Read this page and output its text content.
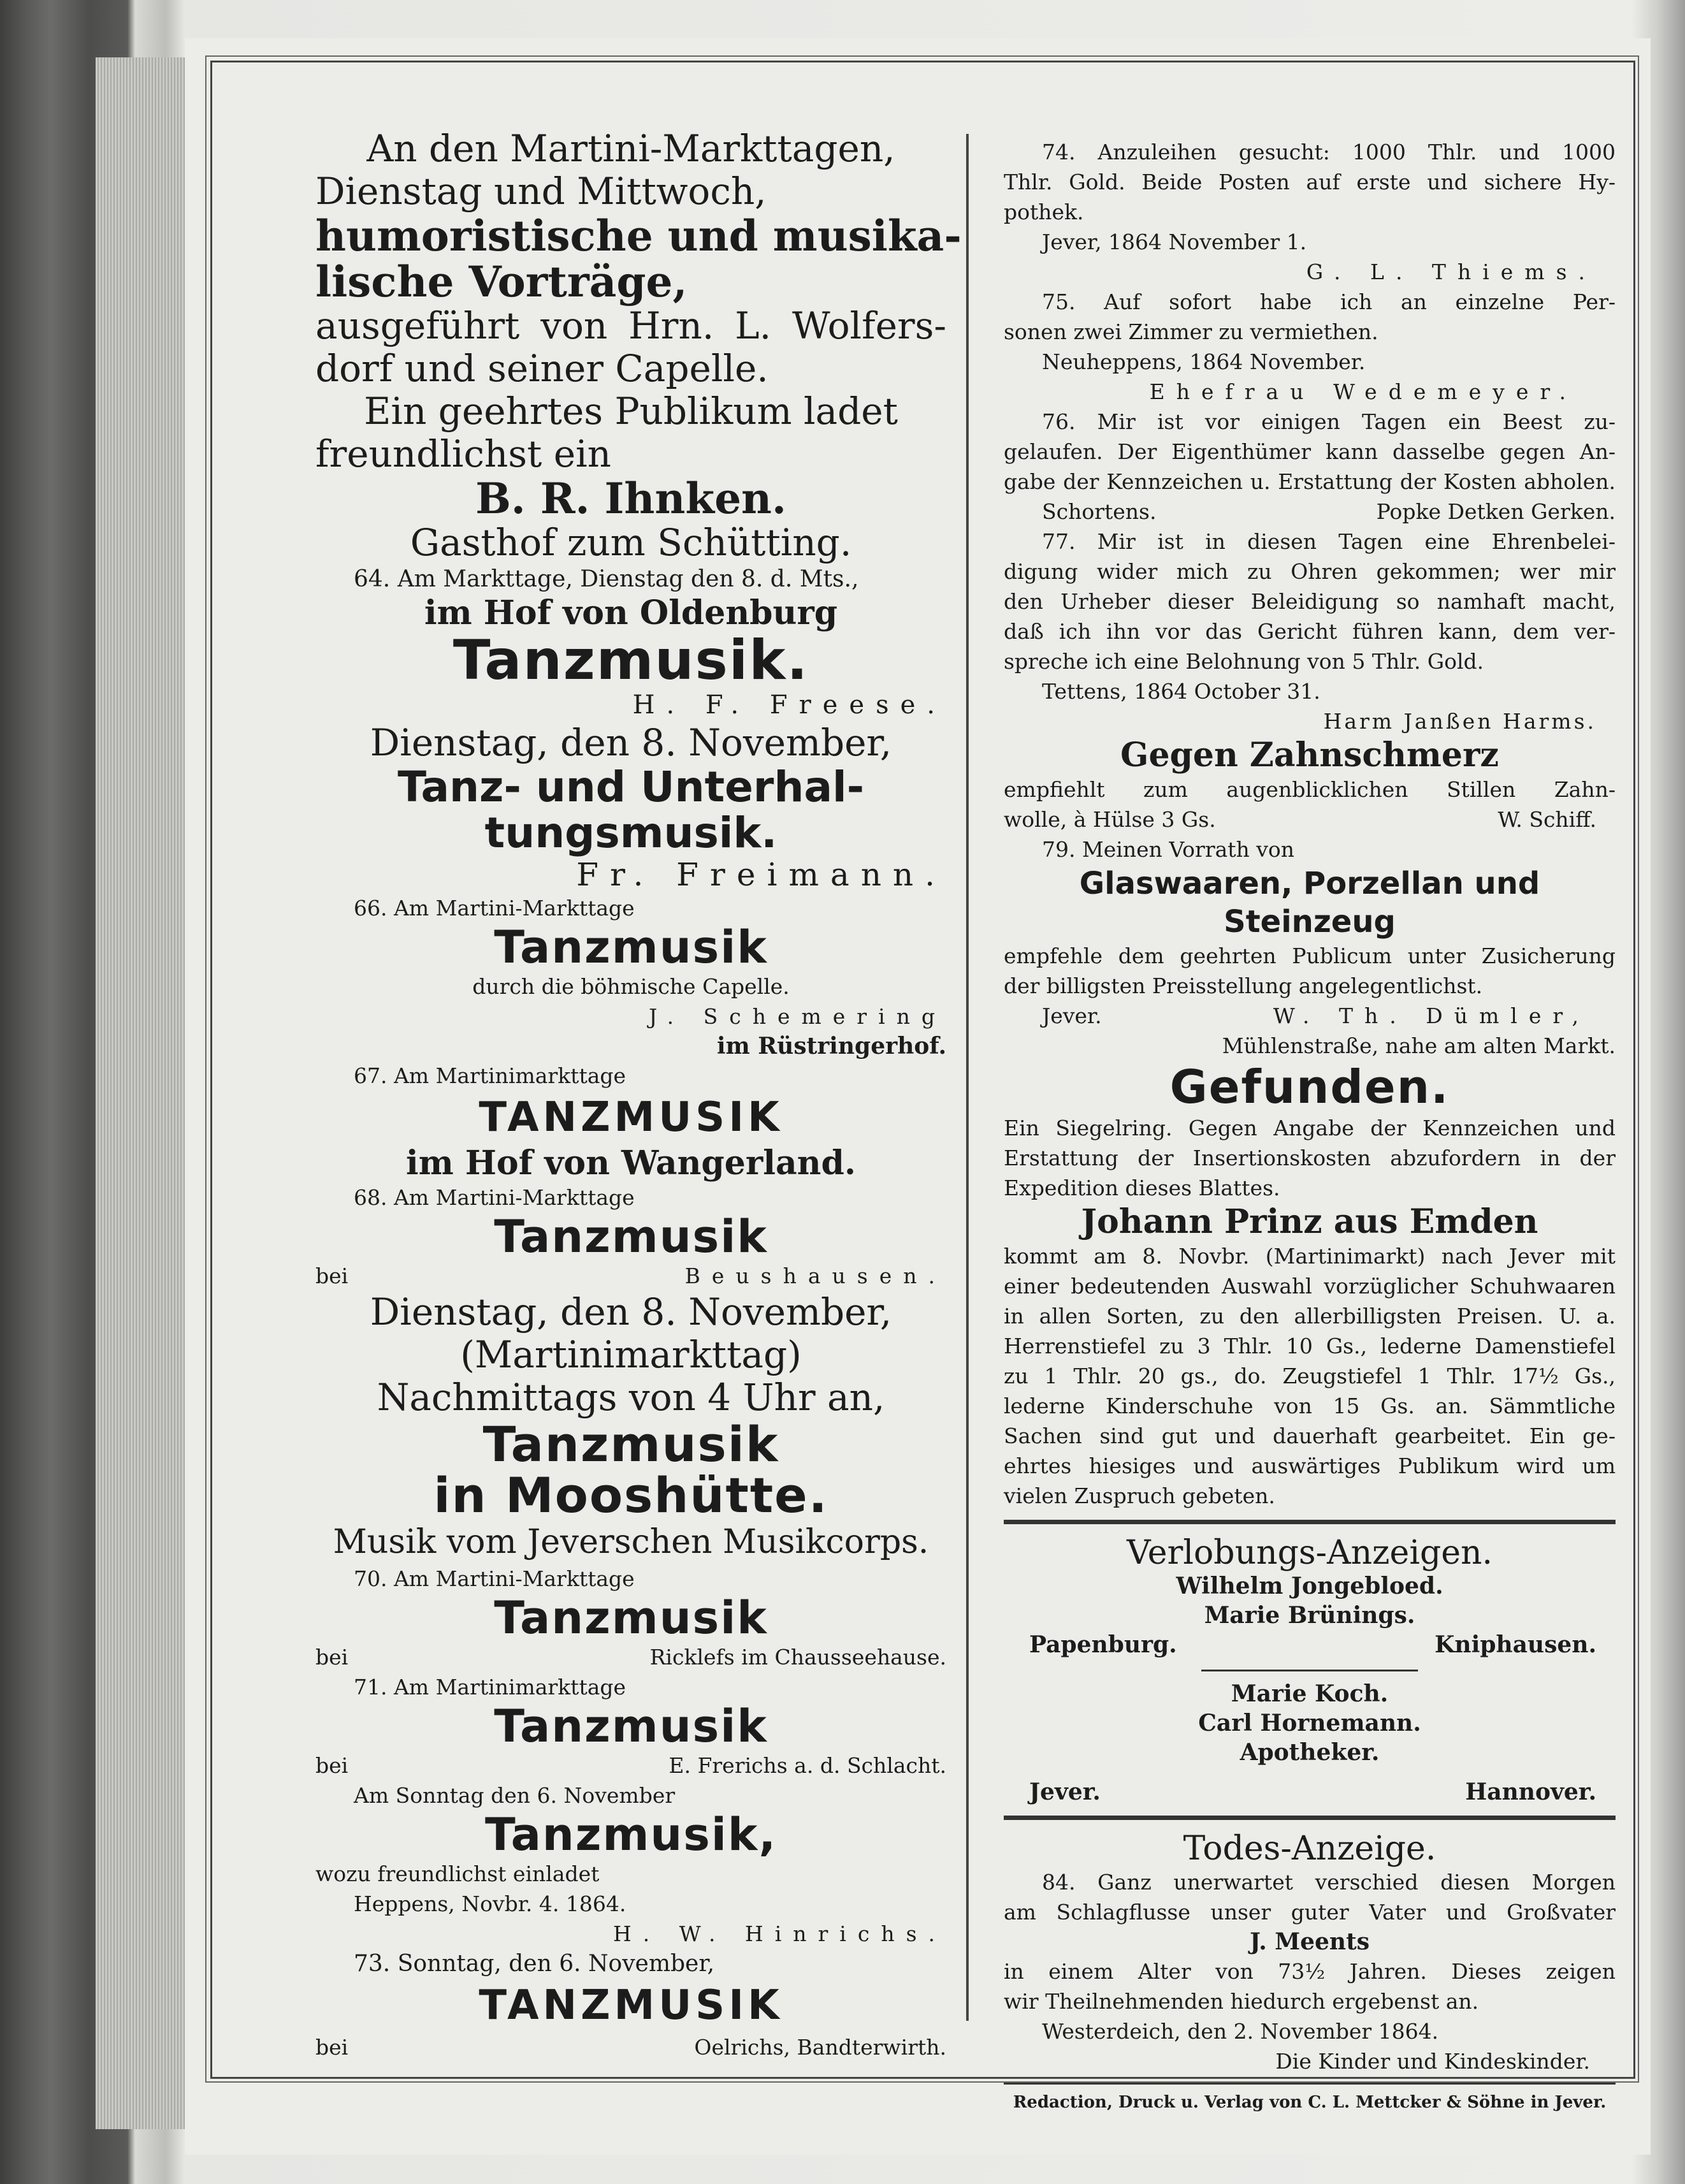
An den Martini-Markttagen,
Dienstag und Mittwoch,
humoristische und musika-
lische Vorträge,
ausgeführt von Hrn. L. Wolfers-
dorf und seiner Capelle.
Ein geehrtes Publikum ladet
freundlichst ein
B. R. Ihnken.
Gasthof zum Schütting.
64. Am Markttage, Dienstag den 8. d. Mts.,
im Hof von Oldenburg
Tanzmusik.
H. F. Freese.
Dienstag, den 8. November,
Tanz- und Unterhal-
tungsmusik.
Fr. Freimann.
66. Am Martini-Markttage
Tanzmusik
durch die böhmische Capelle.
J. Schemering
im Rüstringerhof.
67. Am Martinimarkttage
TANZMUSIK
im Hof von Wangerland.
68. Am Martini-Markttage
Tanzmusik
bei	Beushausen.
Dienstag, den 8. November,
(Martinimarkttag)
Nachmittags von 4 Uhr an,
Tanzmusik
in Mooshütte.
Musik vom Jeverschen Musikcorps.
70. Am Martini-Markttage
Tanzmusik
bei	Ricklefs im Chausseehause.
71. Am Martinimarkttage
Tanzmusik
bei	E. Frerichs a. d. Schlacht.
Am Sonntag den 6. November
Tanzmusik,
wozu freundlichst einladet
Heppens, Novbr. 4. 1864.
H. W. Hinrichs.
73. Sonntag, den 6. November,
TANZMUSIK
bei	Oelrichs, Bandterwirth.
74. Anzuleihen gesucht: 1000 Thlr. und 1000
Thlr. Gold. Beide Posten auf erste und sichere Hy-
pothek.
Jever, 1864 November 1.
G. L. Thiems.
75. Auf sofort habe ich an einzelne Per-
sonen zwei Zimmer zu vermiethen.
Neuheppens, 1864 November.
Ehefrau Wedemeyer.
76. Mir ist vor einigen Tagen ein Beest zu-
gelaufen. Der Eigenthümer kann dasselbe gegen An-
gabe der Kennzeichen u. Erstattung der Kosten abholen.
Schortens.	Popke Detken Gerken.
77. Mir ist in diesen Tagen eine Ehrenbelei-
digung wider mich zu Ohren gekommen; wer mir
den Urheber dieser Beleidigung so namhaft macht,
daß ich ihn vor das Gericht führen kann, dem ver-
spreche ich eine Belohnung von 5 Thlr. Gold.
Tettens, 1864 October 31.
Harm Janßen Harms.
Gegen Zahnschmerz
empfiehlt zum augenblicklichen Stillen Zahn-
wolle, à Hülse 3 Gs.	W. Schiff.
79. Meinen Vorrath von
Glaswaaren, Porzellan und
Steinzeug
empfehle dem geehrten Publicum unter Zusicherung
der billigsten Preisstellung angelegentlichst.
Jever.	W. Th. Dümler,
Mühlenstraße, nahe am alten Markt.
Gefunden.
Ein Siegelring. Gegen Angabe der Kennzeichen und
Erstattung der Insertionskosten abzufordern in der
Expedition dieses Blattes.
Johann Prinz aus Emden
kommt am 8. Novbr. (Martinimarkt) nach Jever mit
einer bedeutenden Auswahl vorzüglicher Schuhwaaren
in allen Sorten, zu den allerbilligsten Preisen. U. a.
Herrenstiefel zu 3 Thlr. 10 Gs., lederne Damenstiefel
zu 1 Thlr. 20 gs., do. Zeugstiefel 1 Thlr. 17½ Gs.,
lederne Kinderschuhe von 15 Gs. an. Sämmtliche
Sachen sind gut und dauerhaft gearbeitet. Ein ge-
ehrtes hiesiges und auswärtiges Publikum wird um
vielen Zuspruch gebeten.
Verlobungs-Anzeigen.
Wilhelm Jongebloed.
Marie Brünings.
Papenburg.	Kniphausen.
Marie Koch.
Carl Hornemann.
Apotheker.
Jever.	Hannover.
Todes-Anzeige.
84. Ganz unerwartet verschied diesen Morgen
am Schlagflusse unser guter Vater und Großvater
J. Meents
in einem Alter von 73½ Jahren. Dieses zeigen
wir Theilnehmenden hiedurch ergebenst an.
Westerdeich, den 2. November 1864.
Die Kinder und Kindeskinder.
Redaction, Druck u. Verlag von C. L. Mettcker & Söhne in Jever.
